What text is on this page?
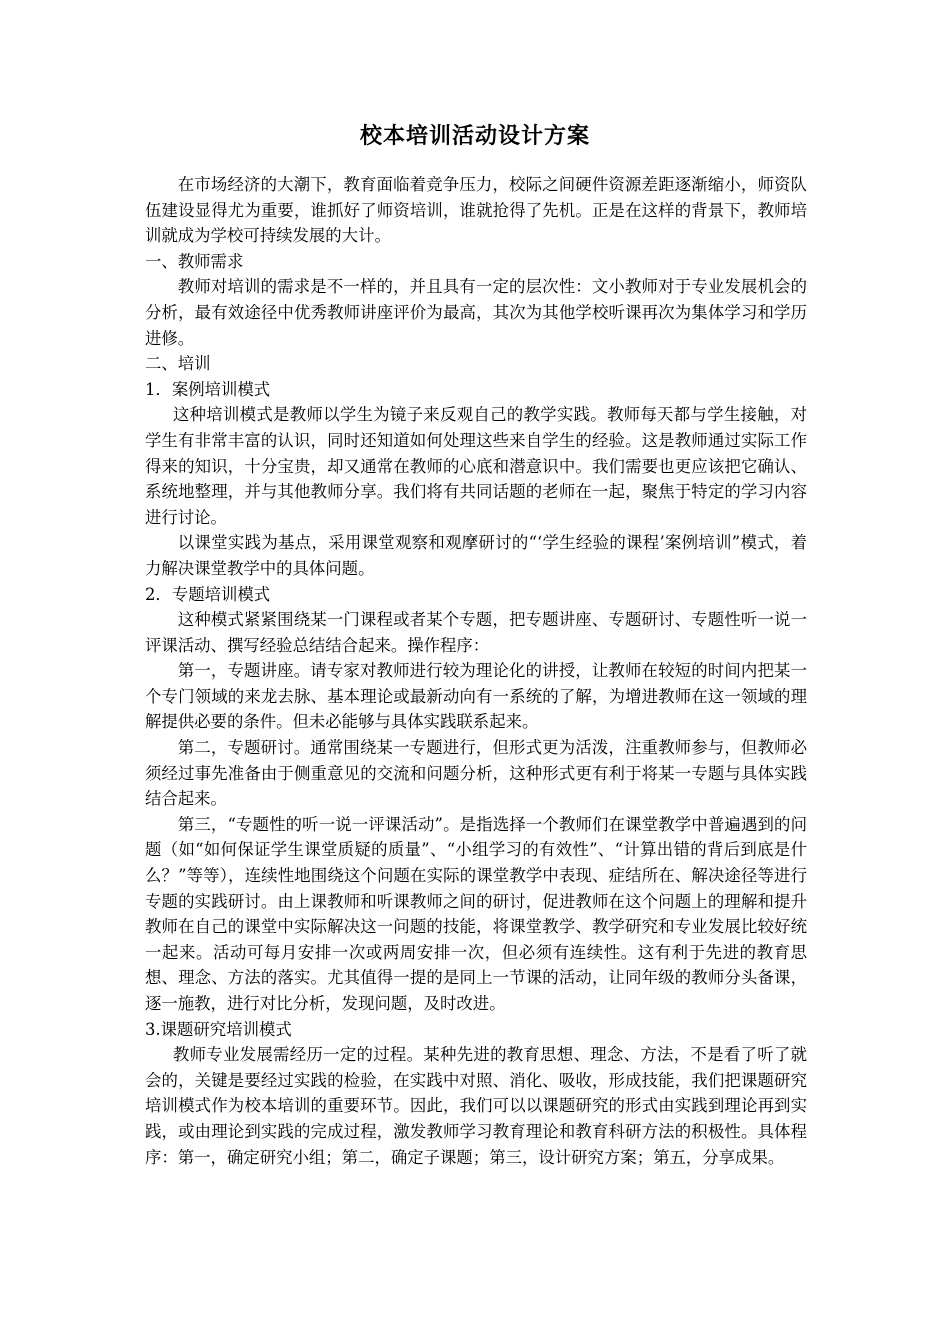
校本培训活动设计方案

在市场经济的大潮下，教育面临着竞争压力，校际之间硬件资源差距逐渐缩小，师资队伍建设显得尤为重要，谁抓好了师资培训，谁就抢得了先机。正是在这样的背景下，教师培训就成为学校可持续发展的大计。

一、教师需求

教师对培训的需求是不一样的，并且具有一定的层次性：文小教师对于专业发展机会的分析，最有效途径中优秀教师讲座评价为最高，其次为其他学校听课再次为集体学习和学历进修。

二、培训

1．案例培训模式

这种培训模式是教师以学生为镜子来反观自己的教学实践。教师每天都与学生接触，对学生有非常丰富的认识，同时还知道如何处理这些来自学生的经验。这是教师通过实际工作得来的知识，十分宝贵，却又通常在教师的心底和潜意识中。我们需要也更应该把它确认、系统地整理，并与其他教师分享。我们将有共同话题的老师在一起，聚焦于特定的学习内容进行讨论。

以课堂实践为基点，采用课堂观察和观摩研讨的“‘学生经验的课程’案例培训”模式，着力解决课堂教学中的具体问题。

2．专题培训模式

这种模式紧紧围绕某一门课程或者某个专题，把专题讲座、专题研讨、专题性听一说一评课活动、撰写经验总结结合起来。操作程序：

第一，专题讲座。请专家对教师进行较为理论化的讲授，让教师在较短的时间内把某一个专门领域的来龙去脉、基本理论或最新动向有一系统的了解，为增进教师在这一领域的理解提供必要的条件。但未必能够与具体实践联系起来。

第二，专题研讨。通常围绕某一专题进行，但形式更为活泼，注重教师参与，但教师必须经过事先准备由于侧重意见的交流和问题分析，这种形式更有利于将某一专题与具体实践结合起来。

第三，“专题性的听一说一评课活动”。是指选择一个教师们在课堂教学中普遍遇到的问题（如“如何保证学生课堂质疑的质量”、“小组学习的有效性”、“计算出错的背后到底是什么？”等等），连续性地围绕这个问题在实际的课堂教学中表现、症结所在、解决途径等进行专题的实践研讨。由上课教师和听课教师之间的研讨，促进教师在这个问题上的理解和提升教师在自己的课堂中实际解决这一问题的技能，将课堂教学、教学研究和专业发展比较好统一起来。活动可每月安排一次或两周安排一次，但必须有连续性。这有利于先进的教育思想、理念、方法的落实。尤其值得一提的是同上一节课的活动，让同年级的教师分头备课，逐一施教，进行对比分析，发现问题，及时改进。

3.课题研究培训模式

教师专业发展需经历一定的过程。某种先进的教育思想、理念、方法，不是看了听了就会的，关键是要经过实践的检验，在实践中对照、消化、吸收，形成技能，我们把课题研究培训模式作为校本培训的重要环节。因此，我们可以以课题研究的形式由实践到理论再到实践，或由理论到实践的完成过程，激发教师学习教育理论和教育科研方法的积极性。具体程序：第一，确定研究小组；第二，确定子课题；第三，设计研究方案；第五，分享成果。
